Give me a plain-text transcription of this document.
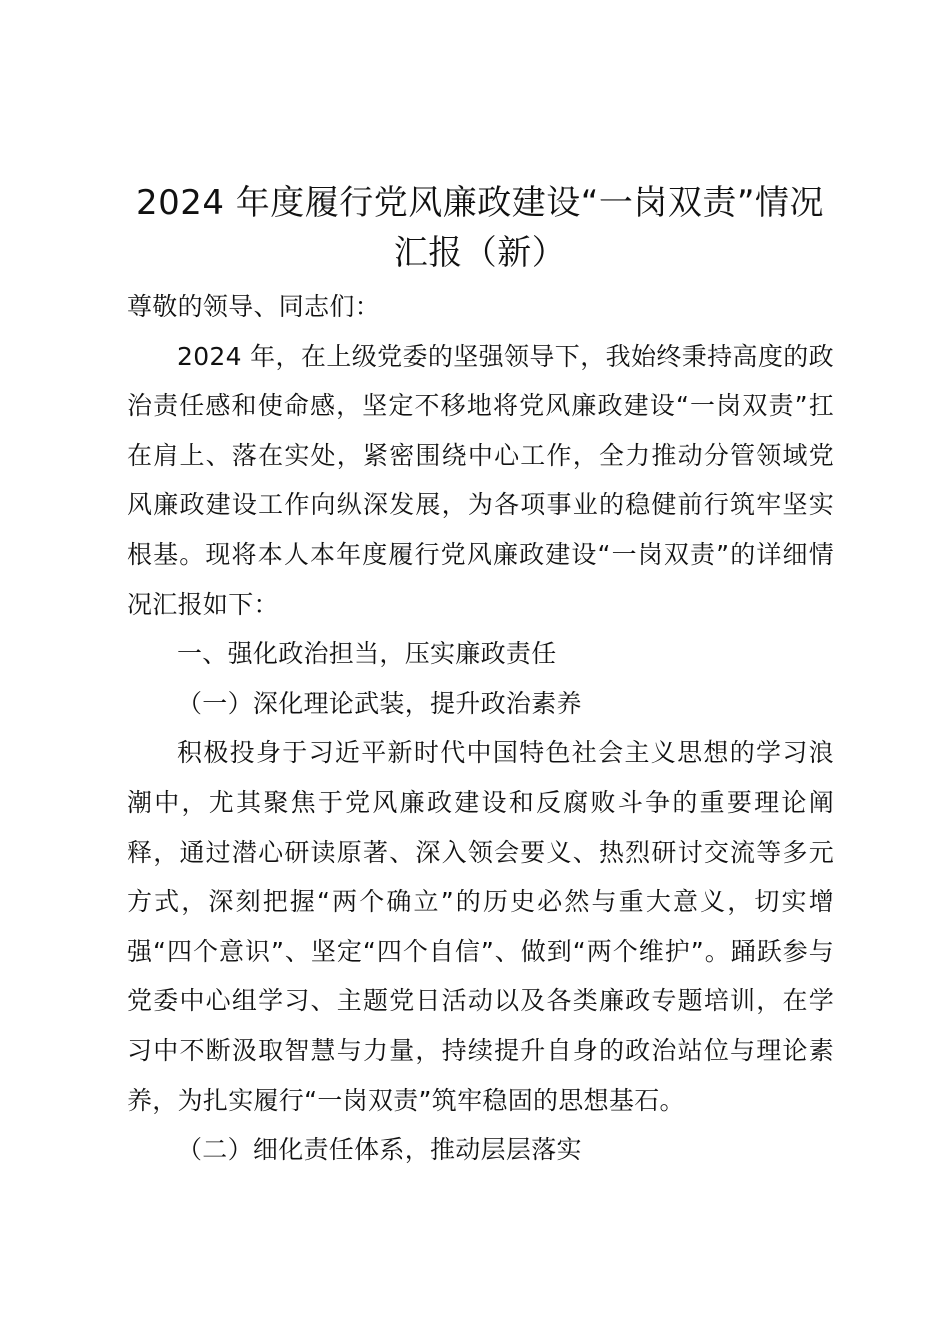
2024 年度履行党风廉政建设“一岗双责”情况汇报（新）

尊敬的领导、同志们：

2024 年，在上级党委的坚强领导下，我始终秉持高度的政治责任感和使命感，坚定不移地将党风廉政建设“一岗双责”扛在肩上、落在实处，紧密围绕中心工作，全力推动分管领域党风廉政建设工作向纵深发展，为各项事业的稳健前行筑牢坚实根基。现将本人本年度履行党风廉政建设“一岗双责”的详细情况汇报如下：

一、强化政治担当，压实廉政责任

（一）深化理论武装，提升政治素养

积极投身于习近平新时代中国特色社会主义思想的学习浪潮中，尤其聚焦于党风廉政建设和反腐败斗争的重要理论阐释，通过潜心研读原著、深入领会要义、热烈研讨交流等多元方式，深刻把握“两个确立”的历史必然与重大意义，切实增强“四个意识”、坚定“四个自信”、做到“两个维护”。踊跃参与党委中心组学习、主题党日活动以及各类廉政专题培训，在学习中不断汲取智慧与力量，持续提升自身的政治站位与理论素养，为扎实履行“一岗双责”筑牢稳固的思想基石。

（二）细化责任体系，推动层层落实
